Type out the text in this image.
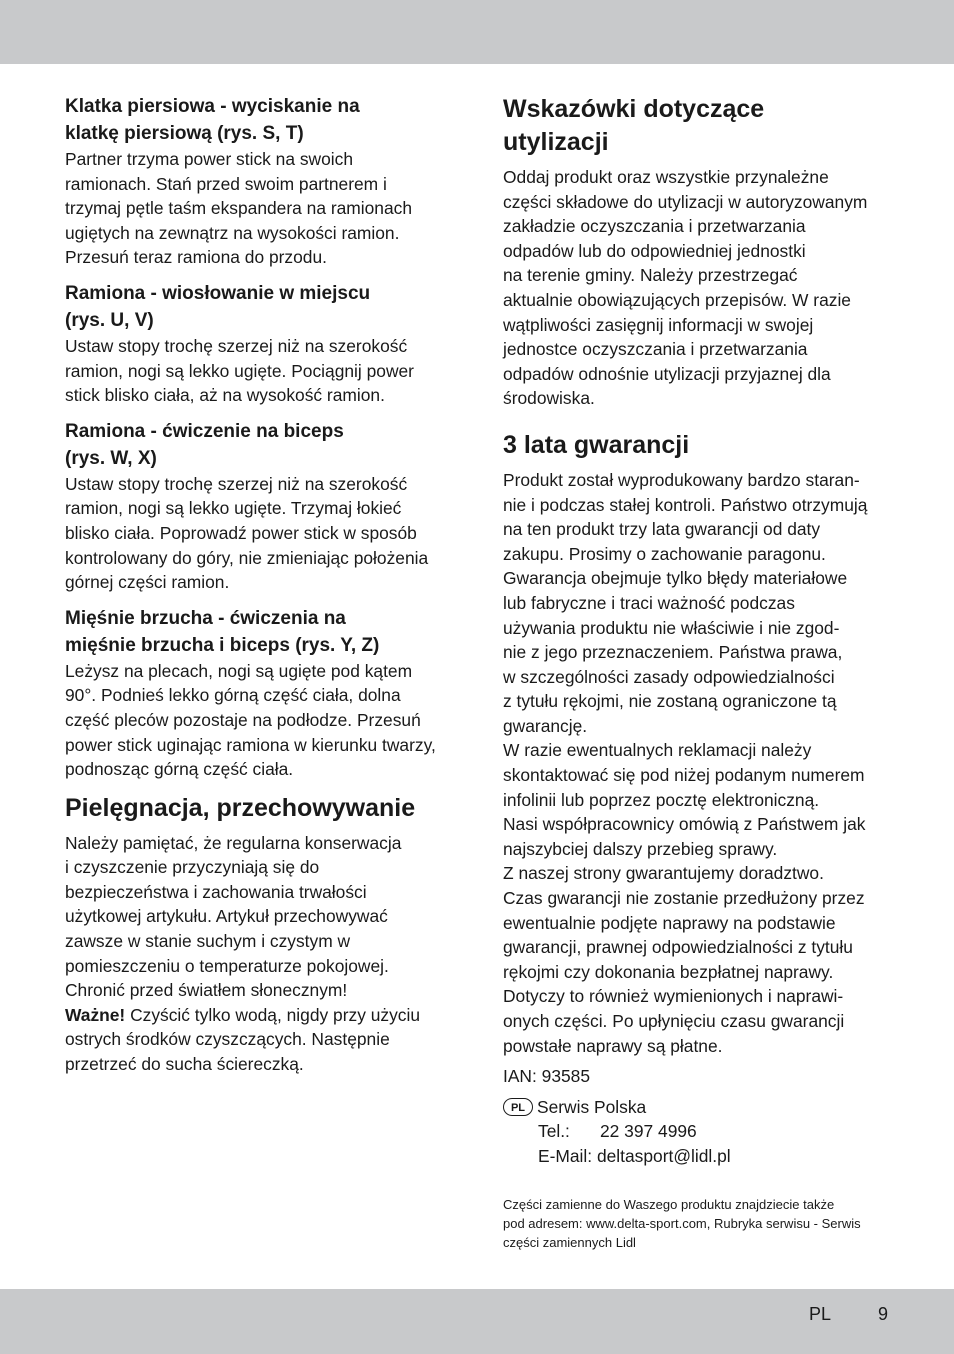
Klatka piersiowa - wyciskanie na
klatkę piersiową (rys. S, T)

Partner trzyma power stick na swoich
ramionach. Stań przed swoim partnerem i
trzymaj pętle taśm ekspandera na ramionach
ugiętych na zewnątrz na wysokości ramion.
Przesuń teraz ramiona do przodu.

Ramiona - wiosłowanie w miejscu
(rys. U, V)

Ustaw stopy trochę szerzej niż na szerokość
ramion, nogi są lekko ugięte. Pociągnij power
stick blisko ciała, aż na wysokość ramion.

Ramiona - ćwiczenie na biceps
(rys. W, X)

Ustaw stopy trochę szerzej niż na szerokość
ramion, nogi są lekko ugięte. Trzymaj łokieć
blisko ciała. Poprowadź power stick w sposób
kontrolowany do góry, nie zmieniając położenia
górnej części ramion.

Mięśnie brzucha - ćwiczenia na
mięśnie brzucha i biceps (rys. Y, Z)

Leżysz na plecach, nogi są ugięte pod kątem
90°. Podnieś lekko górną część ciała, dolna
część pleców pozostaje na podłodze. Przesuń
power stick uginając ramiona w kierunku twarzy,
podnosząc górną część ciała.

Pielęgnacja, przechowywanie

Należy pamiętać, że regularna konserwacja
i czyszczenie przyczyniają się do
bezpieczeństwa i zachowania trwałości
użytkowej artykułu. Artykuł przechowywać
zawsze w stanie suchym i czystym w
pomieszczeniu o temperaturze pokojowej.
Chronić przed światłem słonecznym!

Ważne! Czyścić tylko wodą, nigdy przy użyciu
ostrych środków czyszczących. Następnie
przetrzeć do sucha ściereczką.

Wskazówki dotyczące
utylizacji

Oddaj produkt oraz wszystkie przynależne
części składowe do utylizacji w autoryzowanym
zakładzie oczyszczania i przetwarzania
odpadów lub do odpowiedniej jednostki
na terenie gminy. Należy przestrzegać
aktualnie obowiązujących przepisów. W razie
wątpliwości zasięgnij informacji w swojej
jednostce oczyszczania i przetwarzania
odpadów odnośnie utylizacji przyjaznej dla
środowiska.

3 lata gwarancji

Produkt został wyprodukowany bardzo staran-
nie i podczas stałej kontroli. Państwo otrzymują
na ten produkt trzy lata gwarancji od daty
zakupu. Prosimy o zachowanie paragonu.
Gwarancja obejmuje tylko błędy materiałowe
lub fabryczne i traci ważność podczas
używania produktu nie właściwie i nie zgod-
nie z jego przeznaczeniem. Państwa prawa,
w szczególności zasady odpowiedzialności
z tytułu rękojmi, nie zostaną ograniczone tą
gwarancję.
W razie ewentualnych reklamacji należy
skontaktować się pod niżej podanym numerem
infolinii lub poprzez pocztę elektroniczną.
Nasi współpracownicy omówią z Państwem jak
najszybciej dalszy przebieg sprawy.
Z naszej strony gwarantujemy doradztwo.
Czas gwarancji nie zostanie przedłużony przez
ewentualnie podjęte naprawy na podstawie
gwarancji, prawnej odpowiedzialności z tytułu
rękojmi czy dokonania bezpłatnej naprawy.
Dotyczy to również wymienionych i naprawi-
onych części. Po upłynięciu czasu gwarancji
powstałe naprawy są płatne.

IAN: 93585

PL Serwis Polska
Tel.: 22 397 4996
E-Mail: deltasport@lidl.pl

Części zamienne do Waszego produktu znajdziecie także
pod adresem: www.delta-sport.com, Rubryka serwisu - Serwis
części zamiennych Lidl

PL	9
